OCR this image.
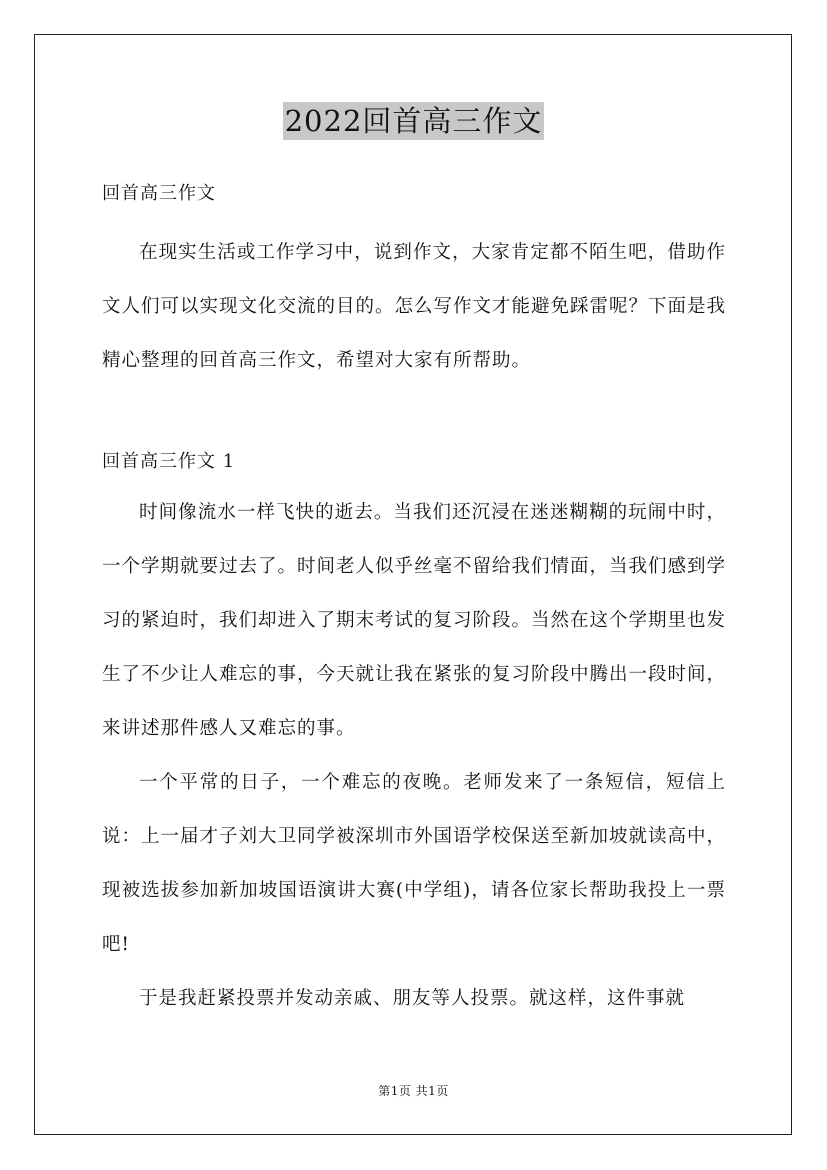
2022回首高三作文

回首高三作文

在现实生活或工作学习中，说到作文，大家肯定都不陌生吧，借助作文人们可以实现文化交流的目的。怎么写作文才能避免踩雷呢？下面是我精心整理的回首高三作文，希望对大家有所帮助。

回首高三作文 1

时间像流水一样飞快的逝去。当我们还沉浸在迷迷糊糊的玩闹中时，一个学期就要过去了。时间老人似乎丝毫不留给我们情面，当我们感到学习的紧迫时，我们却进入了期末考试的复习阶段。当然在这个学期里也发生了不少让人难忘的事，今天就让我在紧张的复习阶段中腾出一段时间，来讲述那件感人又难忘的事。

一个平常的日子，一个难忘的夜晚。老师发来了一条短信，短信上说：上一届才子刘大卫同学被深圳市外国语学校保送至新加坡就读高中，现被选拔参加新加坡国语演讲大赛(中学组)，请各位家长帮助我投上一票吧!

于是我赶紧投票并发动亲戚、朋友等人投票。就这样，这件事就

第1页 共1页
